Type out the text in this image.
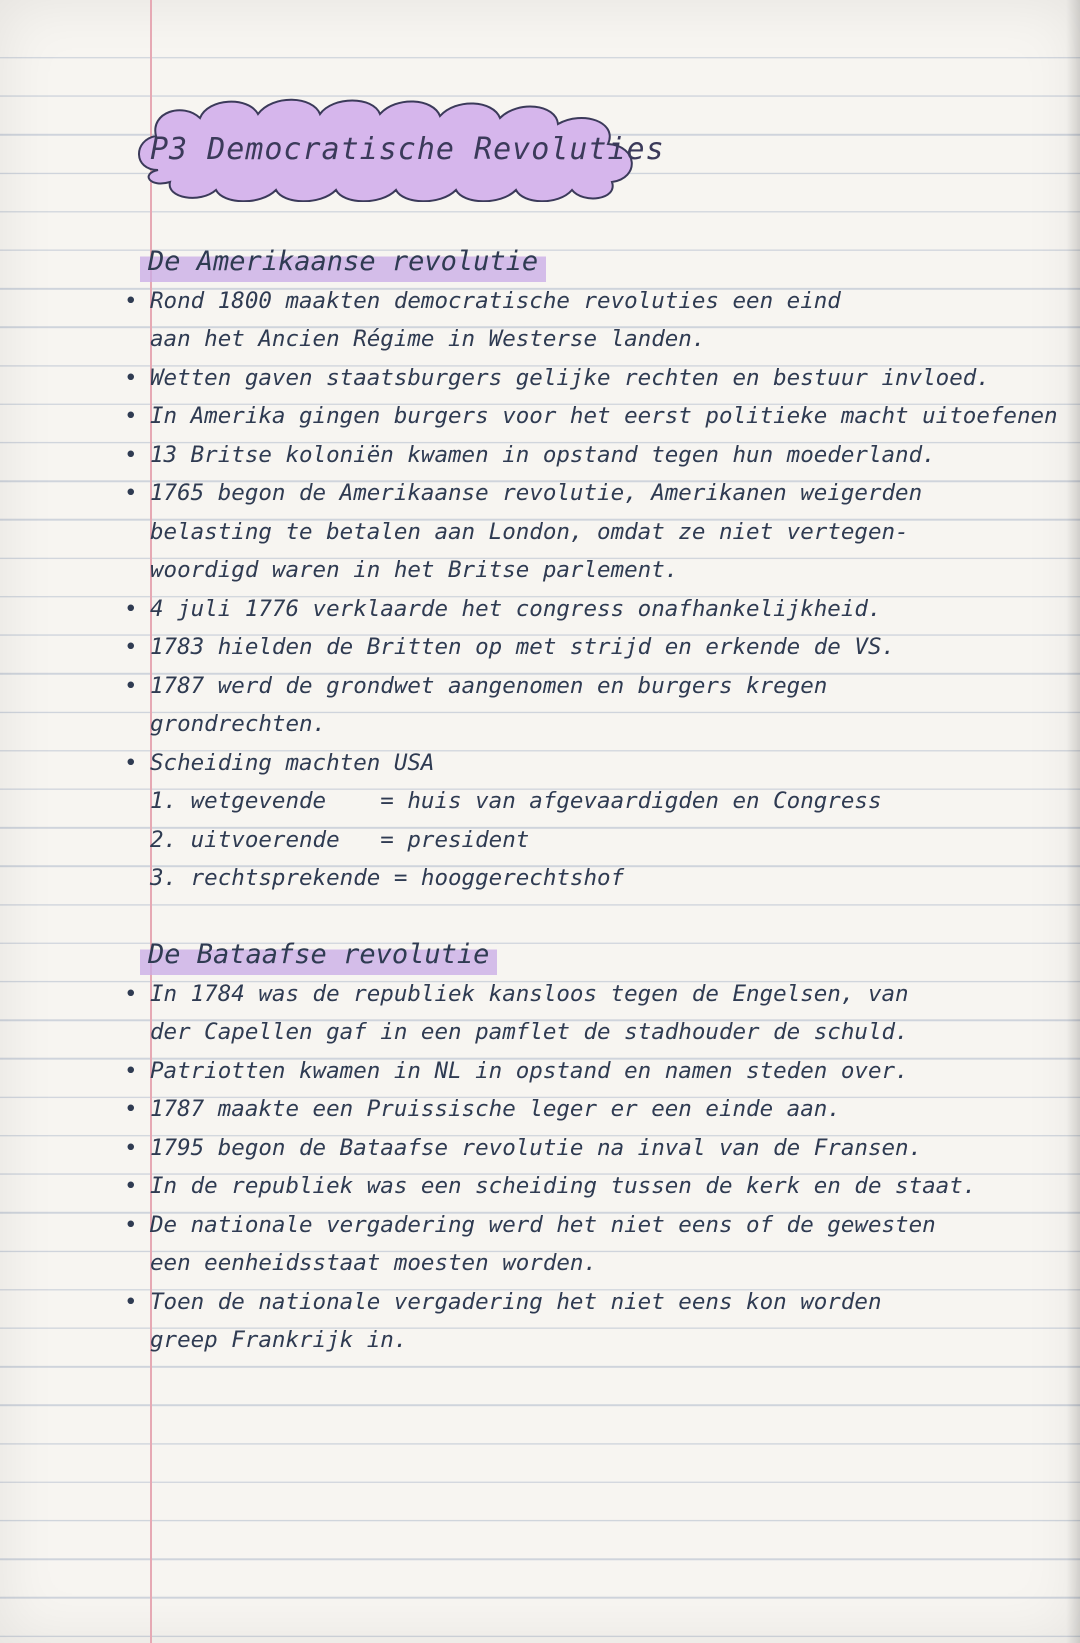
P3 Democratische Revoluties
De Amerikaanse revolutie
• Rond 1800 maakten democratische revoluties een eind
aan het Ancien Régime in Westerse landen.
• Wetten gaven staatsburgers gelijke rechten en bestuur invloed.
• In Amerika gingen burgers voor het eerst politieke macht uitoefenen
• 13 Britse koloniën kwamen in opstand tegen hun moederland.
• 1765 begon de Amerikaanse revolutie, Amerikanen weigerden
belasting te betalen aan London, omdat ze niet vertegen-
woordigd waren in het Britse parlement.
• 4 juli 1776 verklaarde het congress onafhankelijkheid.
• 1783 hielden de Britten op met strijd en erkende de VS.
• 1787 werd de grondwet aangenomen en burgers kregen
grondrechten.
• Scheiding machten USA
1. wetgevende    = huis van afgevaardigden en Congress
2. uitvoerende   = president
3. rechtsprekende = hooggerechtshof
De Bataafse revolutie
• In 1784 was de republiek kansloos tegen de Engelsen, van
der Capellen gaf in een pamflet de stadhouder de schuld.
• Patriotten kwamen in NL in opstand en namen steden over.
• 1787 maakte een Pruissische leger er een einde aan.
• 1795 begon de Bataafse revolutie na inval van de Fransen.
• In de republiek was een scheiding tussen de kerk en de staat.
• De nationale vergadering werd het niet eens of de gewesten
een eenheidsstaat moesten worden.
• Toen de nationale vergadering het niet eens kon worden
greep Frankrijk in.
